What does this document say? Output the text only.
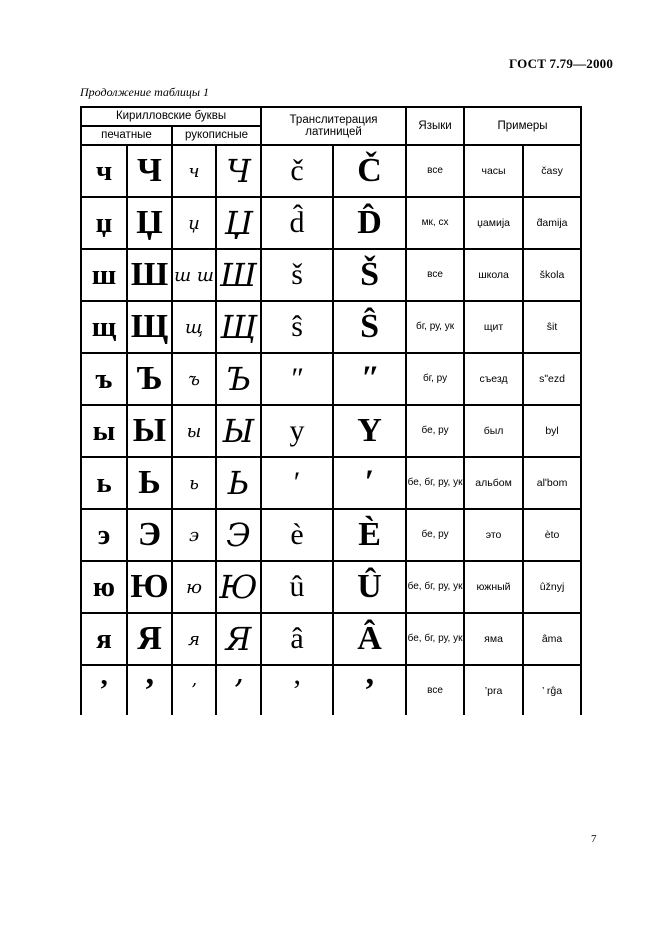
ГОСТ 7.79—2000
Продолжение таблицы 1
Кирилловские буквы				Транслитерация латиницей		Языки	Примеры	
печатные		рукописные						
ч	Ч	ч	Ч	č	Č	все	часы	časy
џ	Џ	џ	Џ	d̂	D̂	мк, сх	џамија	d̂amija
ш	Ш	ш ш	Ш	š	Š	все	школа	škola
щ	Щ	щ	Щ	ŝ	Ŝ	бг, ру, ук	щит	ŝit
ъ	Ъ	ъ	Ъ	ʺ	ʺ	бг, ру	съезд	sʺezd
ы	Ы	ы	Ы	y	Y	бе, ру	был	byl
ь	Ь	ь	Ь	ʹ	ʹ	бе, бг, ру, ук	альбом	alʹbom
э	Э	э	Э	è	È	бе, ру	это	èto
ю	Ю	ю	Ю	û	Û	бе, бг, ру, ук	южный	ûžnyj
я	Я	я	Я	â	Â	бе, бг, ру, ук	яма	âma
’	’	’	’	’	’	все	’pra	’ rĝa
7
